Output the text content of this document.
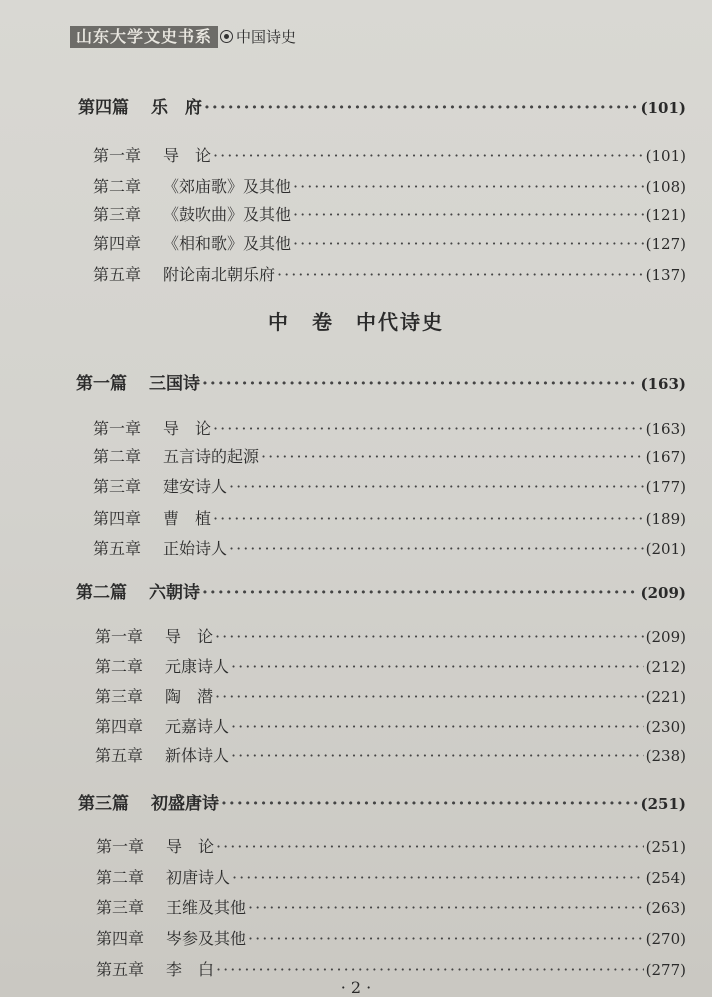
山东大学文史书系	中国诗史
第四篇 乐　府 ·····	(101)
第一章 导　论 ·····	(101)
第二章 《郊庙歌》及其他 ·····	(108)
第三章 《鼓吹曲》及其他 ·····	(121)
第四章 《相和歌》及其他 ·····	(127)
第五章 附论南北朝乐府 ·····	(137)
中　卷　中代诗史
第一篇 三国诗 ·····	(163)
第一章 导　论 ·····	(163)
第二章 五言诗的起源 ·····	(167)
第三章 建安诗人 ·····	(177)
第四章 曹　植 ·····	(189)
第五章 正始诗人 ·····	(201)
第二篇 六朝诗 ·····	(209)
第一章 导　论 ·····	(209)
第二章 元康诗人 ·····	(212)
第三章 陶　潜 ·····	(221)
第四章 元嘉诗人 ·····	(230)
第五章 新体诗人 ·····	(238)
第三篇 初盛唐诗 ·····	(251)
第一章 导　论 ·····	(251)
第二章 初唐诗人 ·····	(254)
第三章 王维及其他 ·····	(263)
第四章 岑参及其他 ·····	(270)
第五章 李　白 ·····	(277)
· 2 ·
